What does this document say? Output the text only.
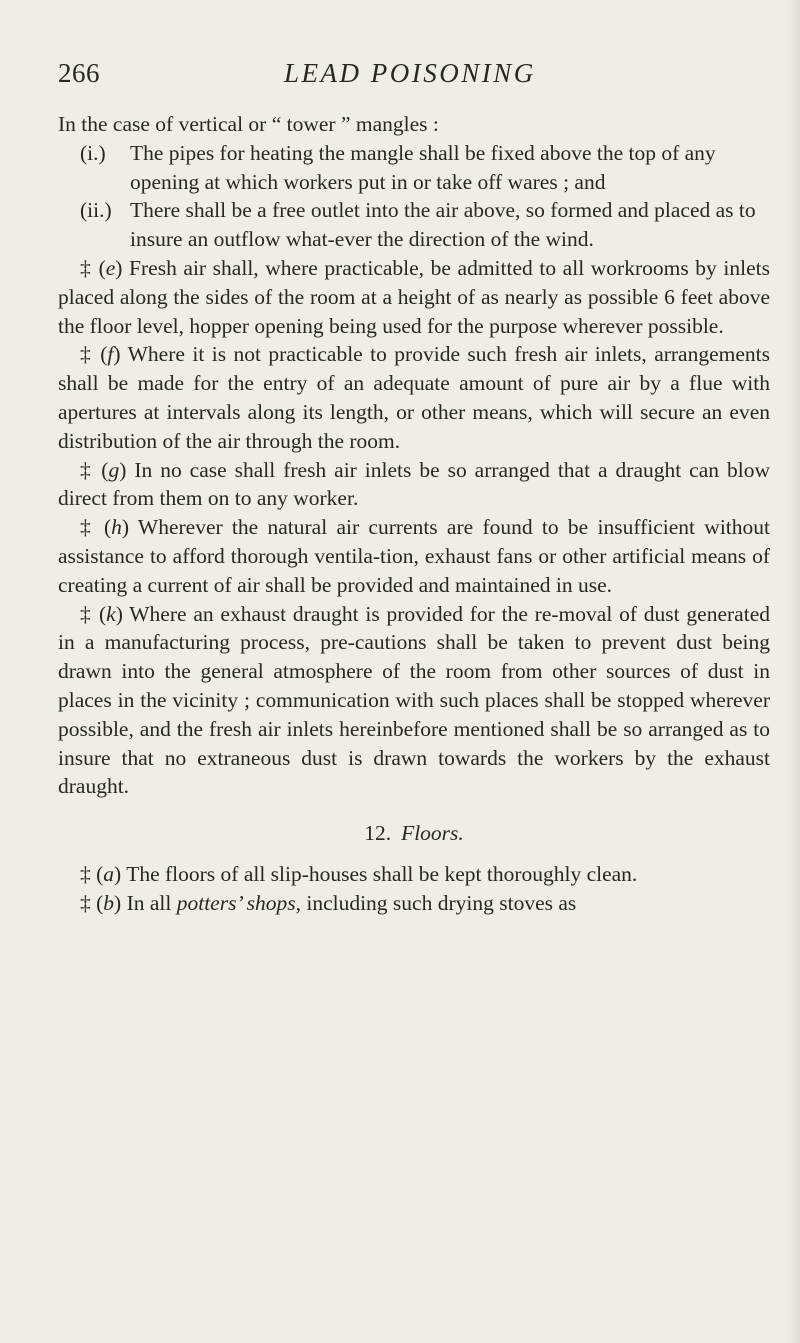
266	LEAD POISONING

In the case of vertical or “ tower ” mangles :

(i.)	The pipes for heating the mangle shall be fixed above the top of any opening at which workers put in or take off wares ; and
(ii.) There shall be a free outlet into the air above, so formed and placed as to insure an outflow what-ever the direction of the wind.

‡ (e) Fresh air shall, where practicable, be admitted to all workrooms by inlets placed along the sides of the room at a height of as nearly as possible 6 feet above the floor level, hopper opening being used for the purpose wherever possible.

‡ (f) Where it is not practicable to provide such fresh air inlets, arrangements shall be made for the entry of an adequate amount of pure air by a flue with apertures at intervals along its length, or other means, which will secure an even distribution of the air through the room.

‡ (g) In no case shall fresh air inlets be so arranged that a draught can blow direct from them on to any worker.

‡ (h) Wherever the natural air currents are found to be insufficient without assistance to afford thorough ventila-tion, exhaust fans or other artificial means of creating a current of air shall be provided and maintained in use.

‡ (k) Where an exhaust draught is provided for the re-moval of dust generated in a manufacturing process, pre-cautions shall be taken to prevent dust being drawn into the general atmosphere of the room from other sources of dust in places in the vicinity ; communication with such places shall be stopped wherever possible, and the fresh air inlets hereinbefore mentioned shall be so arranged as to insure that no extraneous dust is drawn towards the workers by the exhaust draught.

12. Floors.

‡ (a) The floors of all slip-houses shall be kept thoroughly clean.

‡ (b) In all potters’ shops, including such drying stoves as
